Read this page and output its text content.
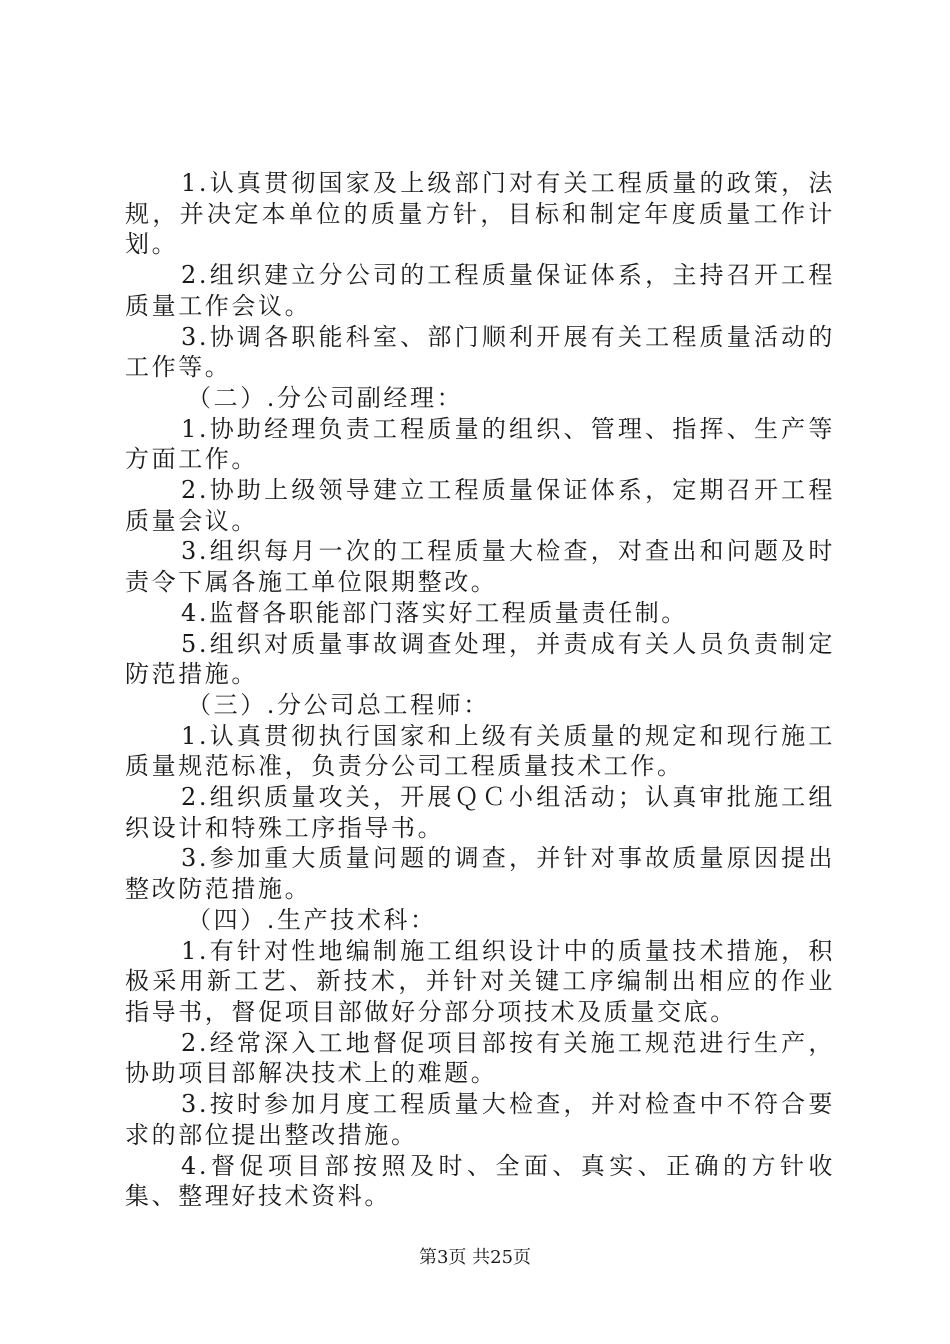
1.认真贯彻国家及上级部门对有关工程质量的政策，法规，并决定本单位的质量方针，目标和制定年度质量工作计划。

2.组织建立分公司的工程质量保证体系，主持召开工程质量工作会议。

3.协调各职能科室、部门顺利开展有关工程质量活动的工作等。

（二）.分公司副经理：

1.协助经理负责工程质量的组织、管理、指挥、生产等方面工作。

2.协助上级领导建立工程质量保证体系，定期召开工程质量会议。

3.组织每月一次的工程质量大检查，对查出和问题及时责令下属各施工单位限期整改。

4.监督各职能部门落实好工程质量责任制。

5.组织对质量事故调查处理，并责成有关人员负责制定防范措施。

（三）.分公司总工程师：

1.认真贯彻执行国家和上级有关质量的规定和现行施工质量规范标准，负责分公司工程质量技术工作。

2.组织质量攻关，开展ＱＣ小组活动；认真审批施工组织设计和特殊工序指导书。

3.参加重大质量问题的调查，并针对事故质量原因提出整改防范措施。

（四）.生产技术科：

1.有针对性地编制施工组织设计中的质量技术措施，积极采用新工艺、新技术，并针对关键工序编制出相应的作业指导书，督促项目部做好分部分项技术及质量交底。

2.经常深入工地督促项目部按有关施工规范进行生产，协助项目部解决技术上的难题。

3.按时参加月度工程质量大检查，并对检查中不符合要求的部位提出整改措施。

4.督促项目部按照及时、全面、真实、正确的方针收集、整理好技术资料。

第3页 共25页
